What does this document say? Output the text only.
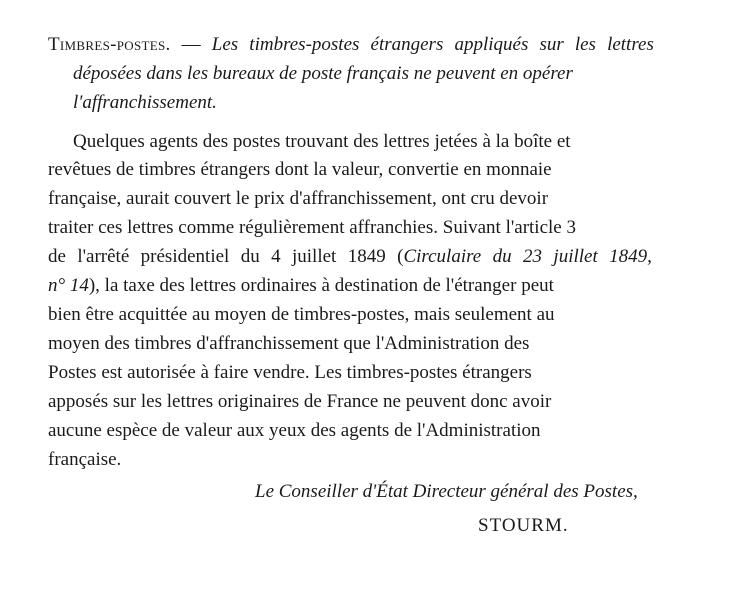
Timbres-postes. — Les timbres-postes étrangers appliqués sur les lettres
déposées dans les bureaux de poste français ne peuvent en opérer
l'affranchissement.
Quelques agents des postes trouvant des lettres jetées à la boîte et
revêtues de timbres étrangers dont la valeur, convertie en monnaie
française, aurait couvert le prix d'affranchissement, ont cru devoir
traiter ces lettres comme régulièrement affranchies. Suivant l'article 3
de l'arrêté présidentiel du 4 juillet 1849 (Circulaire du 23 juillet 1849,
n° 14), la taxe des lettres ordinaires à destination de l'étranger peut
bien être acquittée au moyen de timbres-postes, mais seulement au
moyen des timbres d'affranchissement que l'Administration des
Postes est autorisée à faire vendre. Les timbres-postes étrangers
apposés sur les lettres originaires de France ne peuvent donc avoir
aucune espèce de valeur aux yeux des agents de l'Administration
française.
Le Conseiller d'État Directeur général des Postes,
STOURM.
